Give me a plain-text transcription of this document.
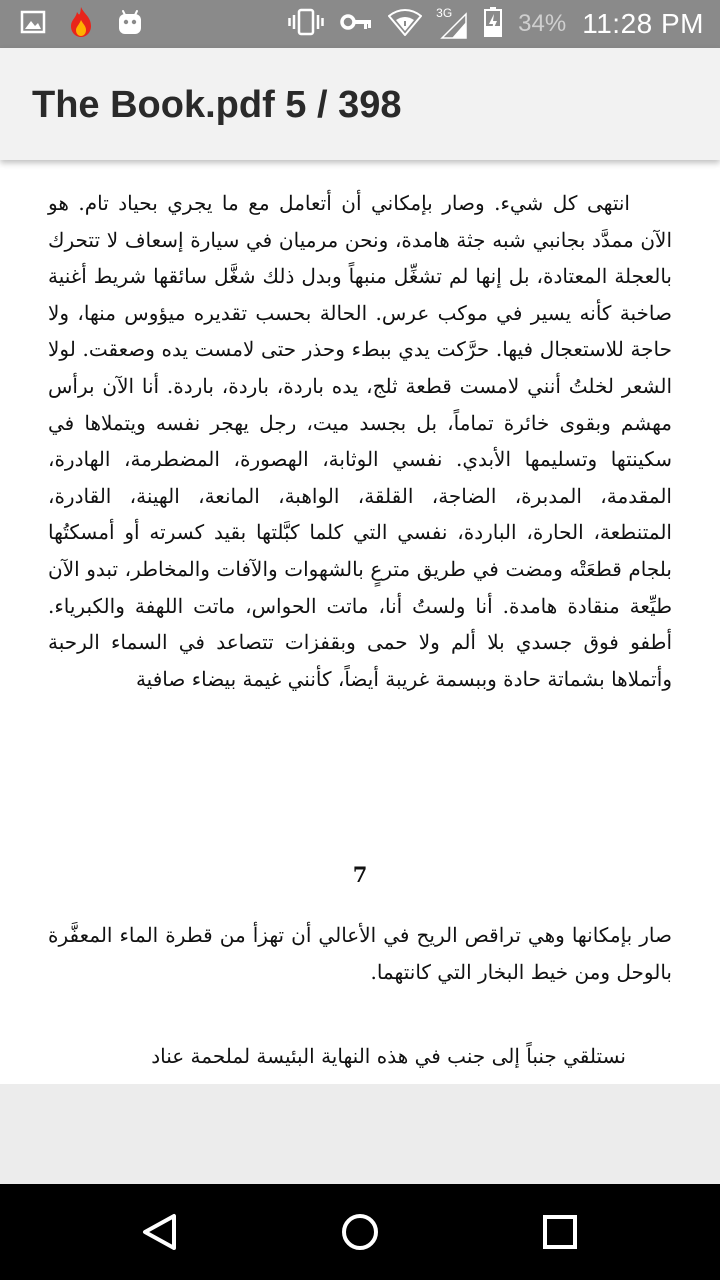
3G	34% 11:28 PM
The Book.pdf 5 / 398
انتهى كل شيء. وصار بإمكاني أن أتعامل مع ما يجري بحياد تام. هو الآن ممدَّد بجانبي شبه جثة هامدة، ونحن مرميان في سيارة إسعاف لا تتحرك بالعجلة المعتادة، بل إنها لم تشغِّل منبهاً وبدل ذلك شغَّل سائقها شريط أغنية صاخبة كأنه يسير في موكب عرس. الحالة بحسب تقديره ميؤوس منها، ولا حاجة للاستعجال فيها. حرَّكت يدي ببطء وحذر حتى لامست يده وصعقت. لولا الشعر لخلتُ أنني لامست قطعة ثلج، يده باردة، باردة، باردة. أنا الآن برأس مهشم وبقوى خائرة تماماً، بل بجسد ميت، رجل يهجر نفسه ويتملاها في سكينتها وتسليمها الأبدي. نفسي الوثابة، الهصورة، المضطرمة، الهادرة، المقدمة، المدبرة، الضاجة، القلقة، الواهبة، المانعة، الهينة، القادرة، المتنطعة، الحارة، الباردة، نفسي التي كلما كبَّلتها بقيد كسرته أو أمسكتُها بلجام قطعَتْه ومضت في طريق مترعٍ بالشهوات والآفات والمخاطر، تبدو الآن طيِّعة منقادة هامدة. أنا ولستُ أنا، ماتت الحواس، ماتت اللهفة والكبرياء. أطفو فوق جسدي بلا ألم ولا حمى وبقفزات تتصاعد في السماء الرحبة وأتملاها بشماتة حادة وببسمة غريبة أيضاً، كأنني غيمة بيضاء صافية
7
صار بإمكانها وهي تراقص الريح في الأعالي أن تهزأ من قطرة الماء المعفَّرة بالوحل ومن خيط البخار التي كانتهما.
نستلقي جنباً إلى جنب في هذه النهاية البئيسة لملحمة عناد
